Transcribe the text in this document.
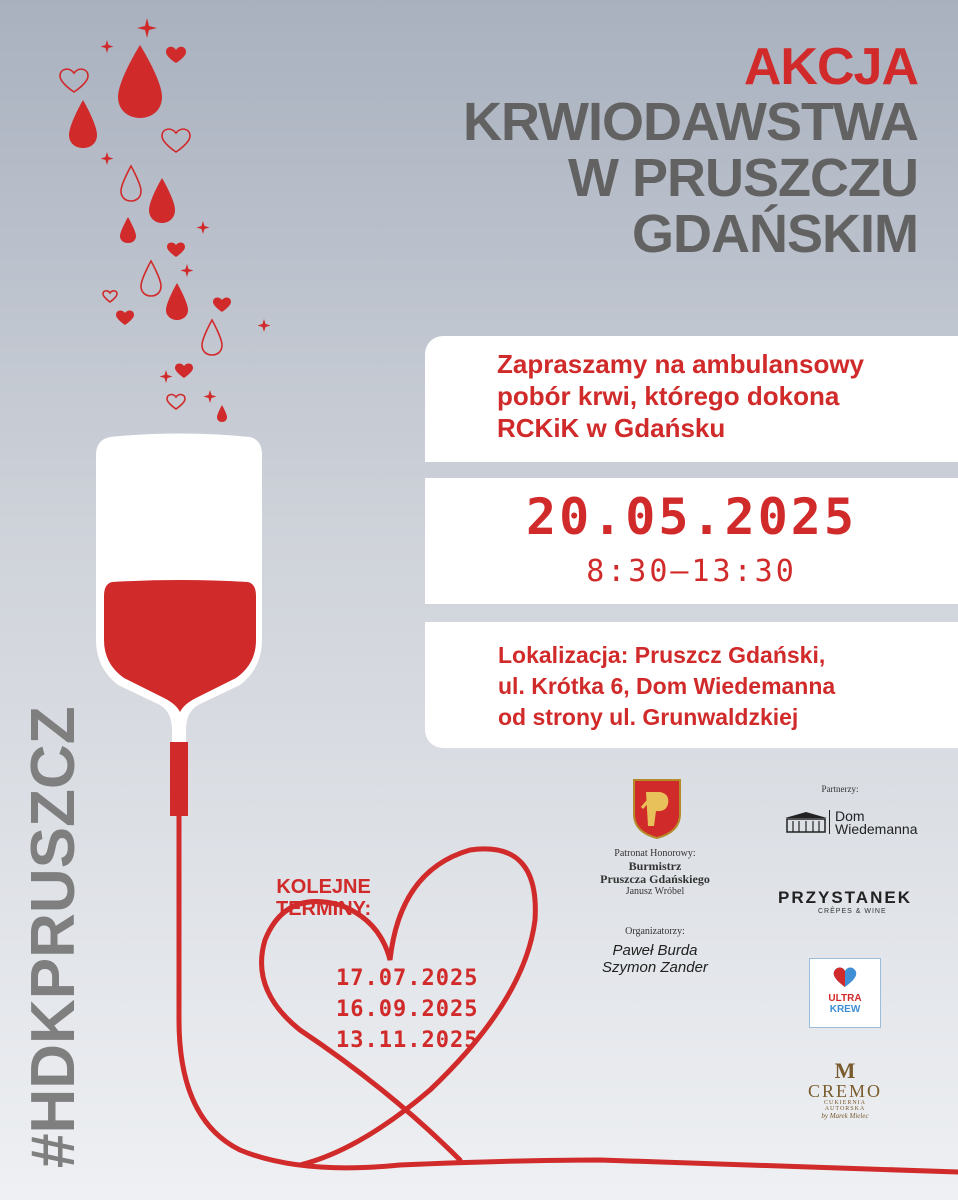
AKCJA
KRWIODAWSTWA
W PRUSZCZU
GDAŃSKIM
Zapraszamy na ambulansowy
pobór krwi, którego dokona
RCKiK w Gdańsku
20.05.2025
8:30–13:30
Lokalizacja: Pruszcz Gdański,
ul. Krótka 6, Dom Wiedemanna
od strony ul. Grunwaldzkiej
KOLEJNE
TERMINY:
17.07.2025
16.09.2025
13.11.2025
#HDKPRUSZCZ	Patronat Honorowy:
Burmistrz
Pruszcza Gdańskiego
Janusz Wróbel
Organizatorzy:
Paweł Burda
Szymon Zander
Partnerzy:
Dom
Wiedemanna
PRZYSTANEK
CRÊPES & WINE
ULTRA
KREW
M
CREMO
CUKIERNIA AUTORSKA
by Marek Mielec
